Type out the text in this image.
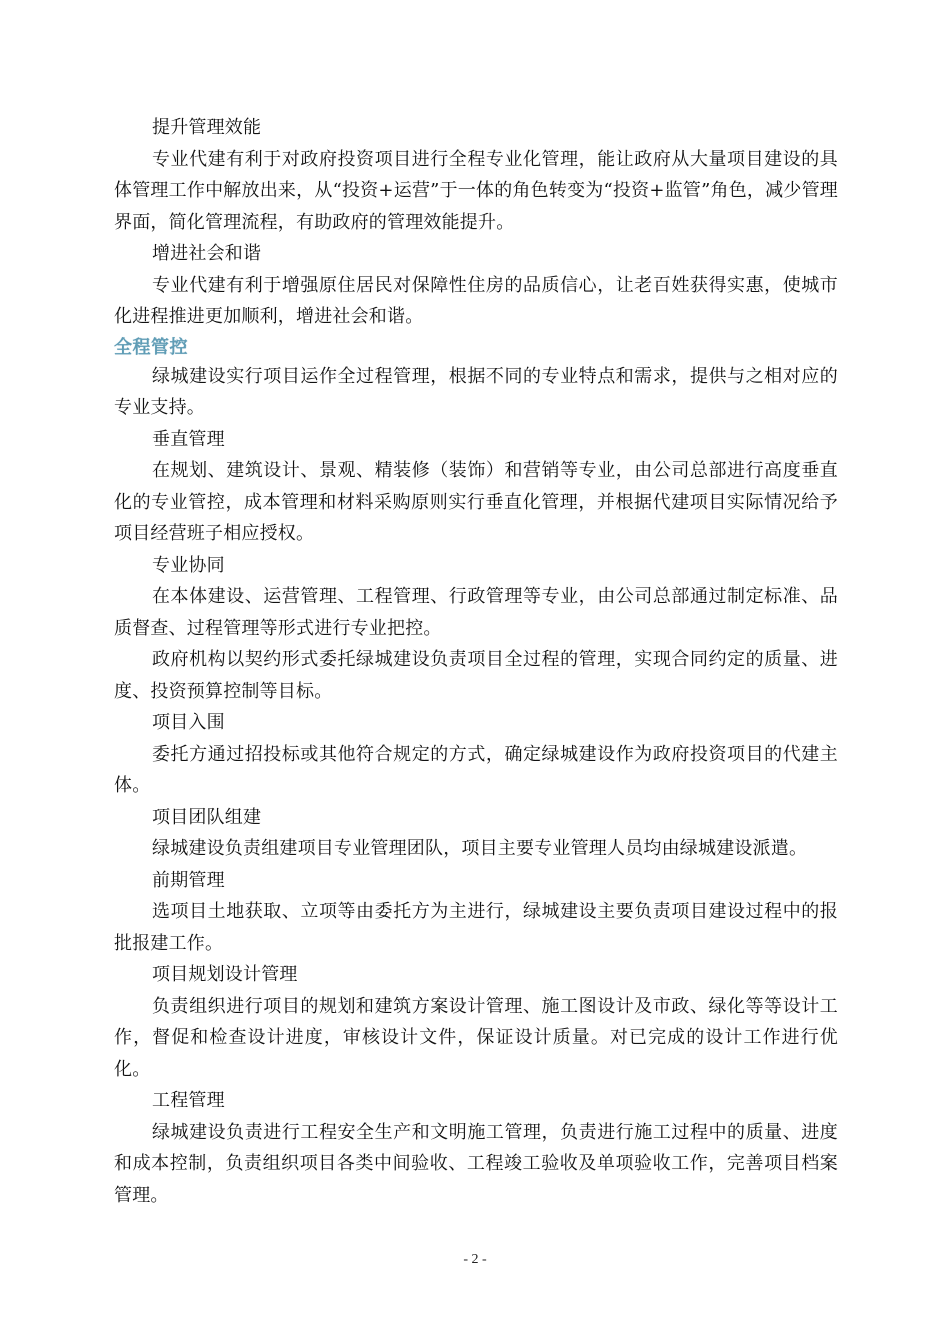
提升管理效能

专业代建有利于对政府投资项目进行全程专业化管理，能让政府从大量项目建设的具体管理工作中解放出来，从“投资+运营”于一体的角色转变为“投资+监管”角色，减少管理界面，简化管理流程，有助政府的管理效能提升。

增进社会和谐

专业代建有利于增强原住居民对保障性住房的品质信心，让老百姓获得实惠，使城市化进程推进更加顺利，增进社会和谐。

全程管控

绿城建设实行项目运作全过程管理，根据不同的专业特点和需求，提供与之相对应的专业支持。

垂直管理

在规划、建筑设计、景观、精装修（装饰）和营销等专业，由公司总部进行高度垂直化的专业管控，成本管理和材料采购原则实行垂直化管理，并根据代建项目实际情况给予项目经营班子相应授权。

专业协同

在本体建设、运营管理、工程管理、行政管理等专业，由公司总部通过制定标准、品质督查、过程管理等形式进行专业把控。

政府机构以契约形式委托绿城建设负责项目全过程的管理，实现合同约定的质量、进度、投资预算控制等目标。

项目入围

委托方通过招投标或其他符合规定的方式，确定绿城建设作为政府投资项目的代建主体。

项目团队组建

绿城建设负责组建项目专业管理团队，项目主要专业管理人员均由绿城建设派遣。

前期管理

选项目土地获取、立项等由委托方为主进行，绿城建设主要负责项目建设过程中的报批报建工作。

项目规划设计管理

负责组织进行项目的规划和建筑方案设计管理、施工图设计及市政、绿化等等设计工作，督促和检查设计进度，审核设计文件，保证设计质量。对已完成的设计工作进行优化。

工程管理

绿城建设负责进行工程安全生产和文明施工管理，负责进行施工过程中的质量、进度和成本控制，负责组织项目各类中间验收、工程竣工验收及单项验收工作，完善项目档案管理。

- 2 -
